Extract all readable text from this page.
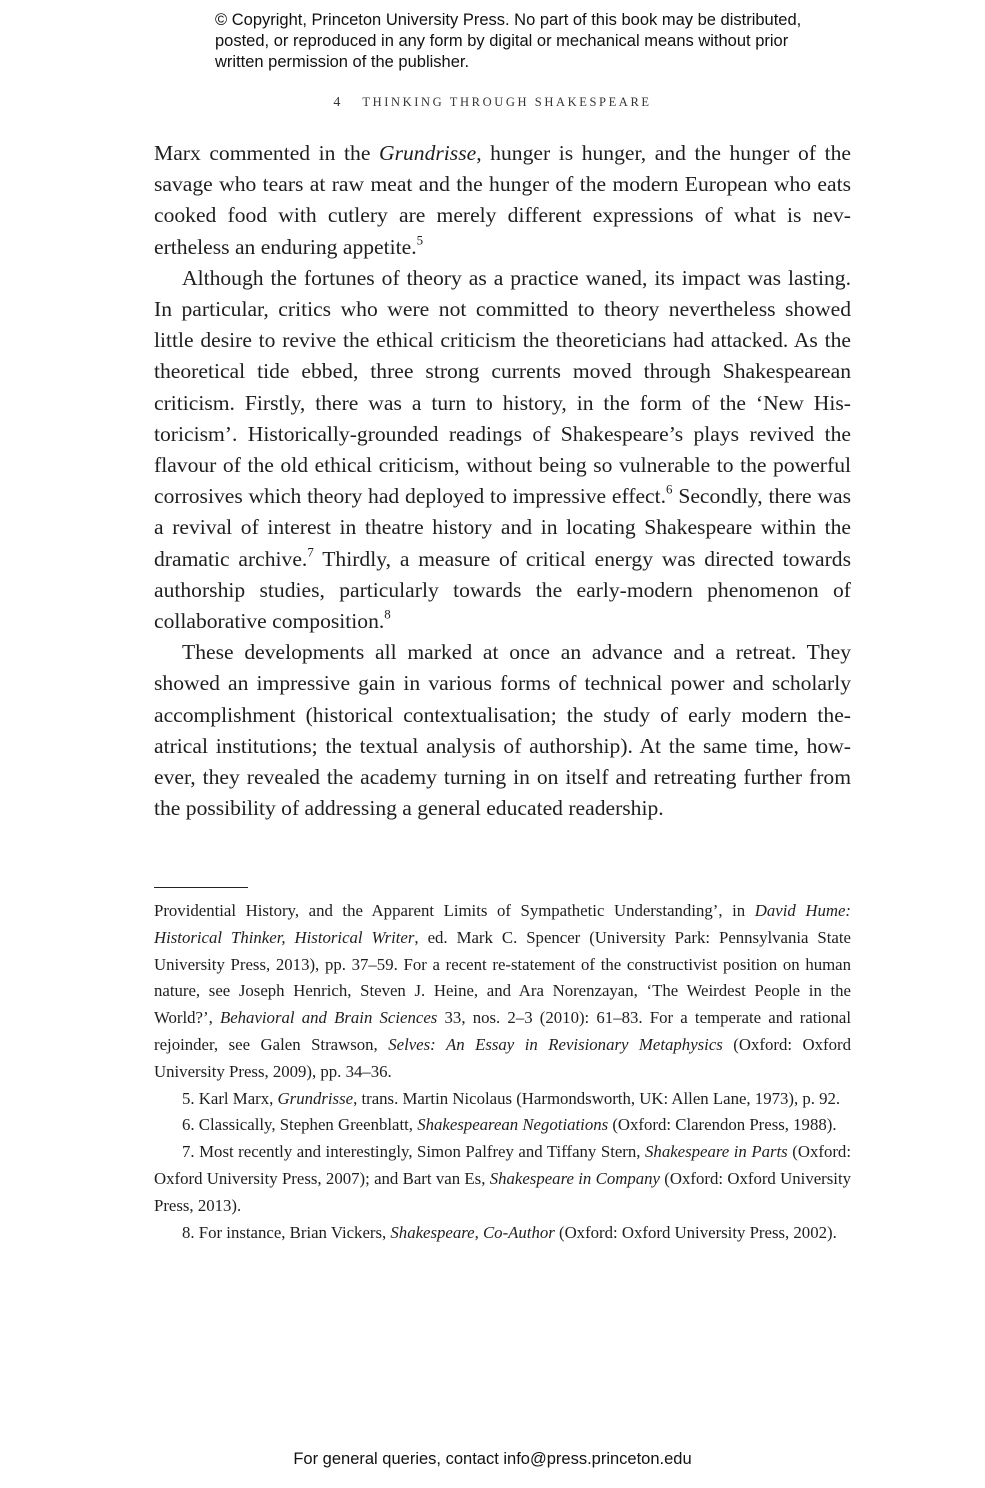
© Copyright, Princeton University Press. No part of this book may be distributed, posted, or reproduced in any form by digital or mechanical means without prior written permission of the publisher.
4 THINKING THROUGH SHAKESPEARE

Marx commented in the Grundrisse, hunger is hunger, and the hunger of the savage who tears at raw meat and the hunger of the modern European who eats cooked food with cutlery are merely different expressions of what is nevertheless an enduring appetite.$^5$

Although the fortunes of theory as a practice waned, its impact was lasting. In particular, critics who were not committed to theory nevertheless showed little desire to revive the ethical criticism the theoreticians had attacked. As the theoretical tide ebbed, three strong currents moved through Shakespearean criticism. Firstly, there was a turn to history, in the form of the ‘New Historicism’. Historically-grounded readings of Shakespeare’s plays revived the flavour of the old ethical criticism, without being so vulnerable to the powerful corrosives which theory had deployed to impressive effect.$^6$ Secondly, there was a revival of interest in theatre history and in locating Shakespeare within the dramatic archive.$^7$ Thirdly, a measure of critical energy was directed towards authorship studies, particularly towards the early-modern phenomenon of collaborative composition.$^8$

These developments all marked at once an advance and a retreat. They showed an impressive gain in various forms of technical power and scholarly accomplishment (historical contextualisation; the study of early modern theatrical institutions; the textual analysis of authorship). At the same time, however, they revealed the academy turning in on itself and retreating further from the possibility of addressing a general educated readership.

Providential History, and the Apparent Limits of Sympathetic Understanding’, in David Hume: Historical Thinker, Historical Writer, ed. Mark C. Spencer (University Park: Pennsylvania State University Press, 2013), pp. 37–59. For a recent re-statement of the constructivist position on human nature, see Joseph Henrich, Steven J. Heine, and Ara Norenzayan, ‘The Weirdest People in the World?’, Behavioral and Brain Sciences 33, nos. 2–3 (2010): 61–83. For a temperate and rational rejoinder, see Galen Strawson, Selves: An Essay in Revisionary Metaphysics (Oxford: Oxford University Press, 2009), pp. 34–36.

5. Karl Marx, Grundrisse, trans. Martin Nicolaus (Harmondsworth, UK: Allen Lane, 1973), p. 92.

6. Classically, Stephen Greenblatt, Shakespearean Negotiations (Oxford: Clarendon Press, 1988).

7. Most recently and interestingly, Simon Palfrey and Tiffany Stern, Shakespeare in Parts (Oxford: Oxford University Press, 2007); and Bart van Es, Shakespeare in Company (Oxford: Oxford University Press, 2013).

8. For instance, Brian Vickers, Shakespeare, Co-Author (Oxford: Oxford University Press, 2002).

For general queries, contact info@press.princeton.edu
